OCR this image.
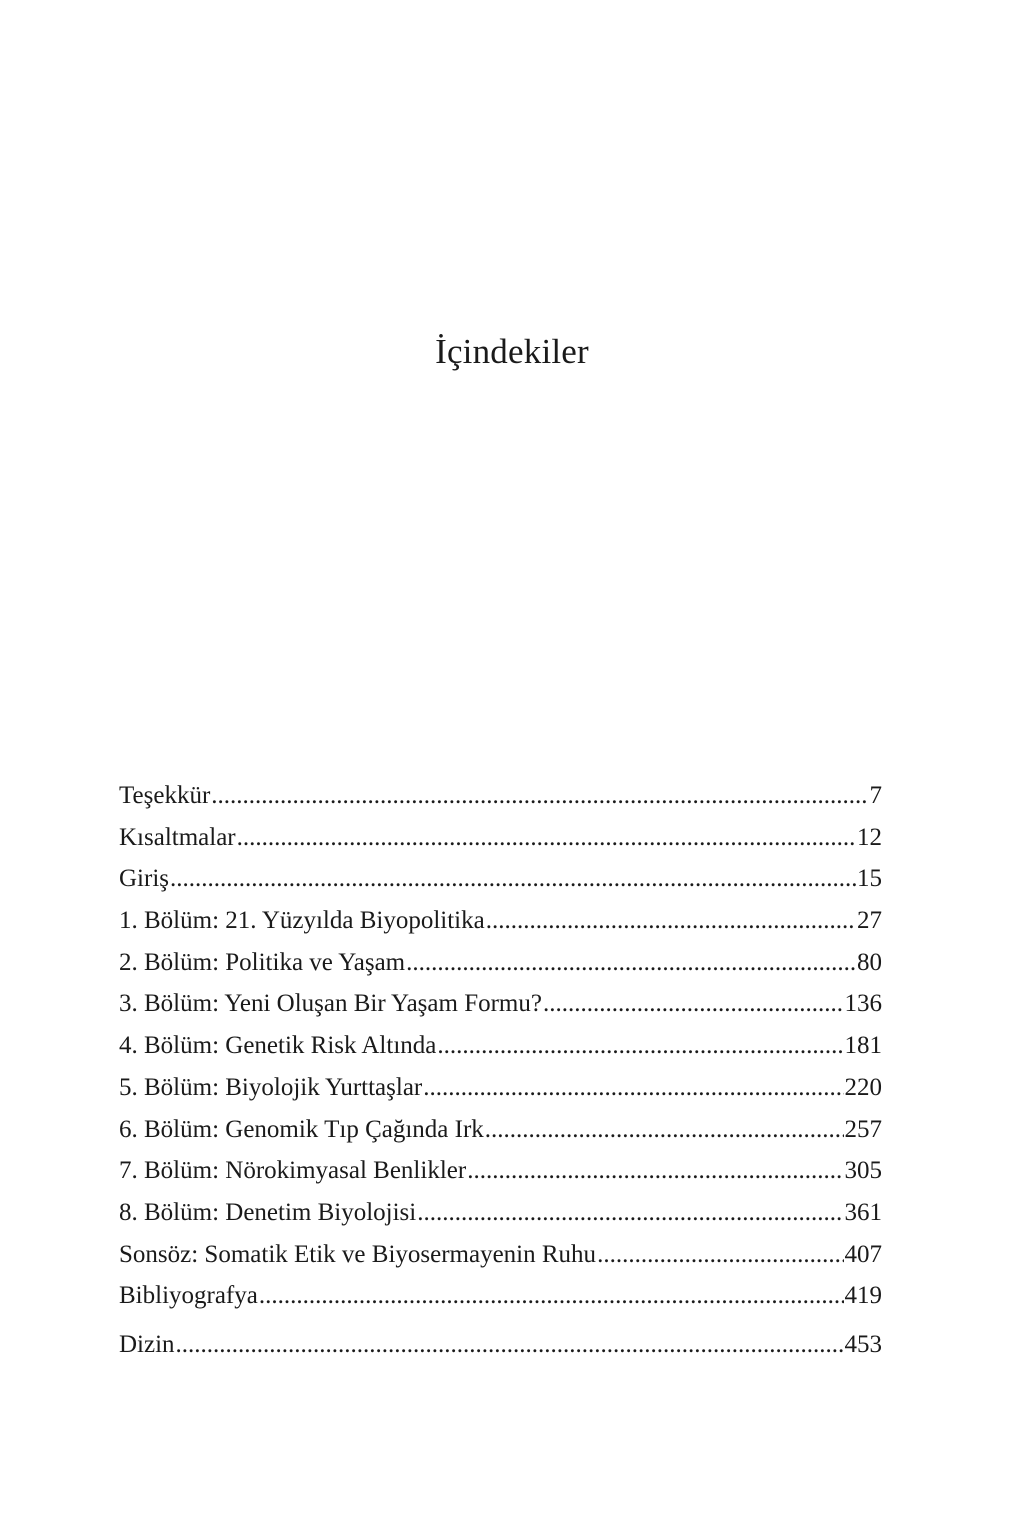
İçindekiler
Teşekkür .....	7
Kısaltmalar .....	12
Giriş .....	15
1. Bölüm: 21. Yüzyılda Biyopolitika .....	27
2. Bölüm: Politika ve Yaşam .....	80
3. Bölüm: Yeni Oluşan Bir Yaşam Formu? .....	136
4. Bölüm: Genetik Risk Altında .....	181
5. Bölüm: Biyolojik Yurttaşlar .....	220
6. Bölüm: Genomik Tıp Çağında Irk .....	257
7. Bölüm: Nörokimyasal Benlikler .....	305
8. Bölüm: Denetim Biyolojisi .....	361
Sonsöz: Somatik Etik ve Biyosermayenin Ruhu .....	407
Bibliyografya .....	419
Dizin .....	453
